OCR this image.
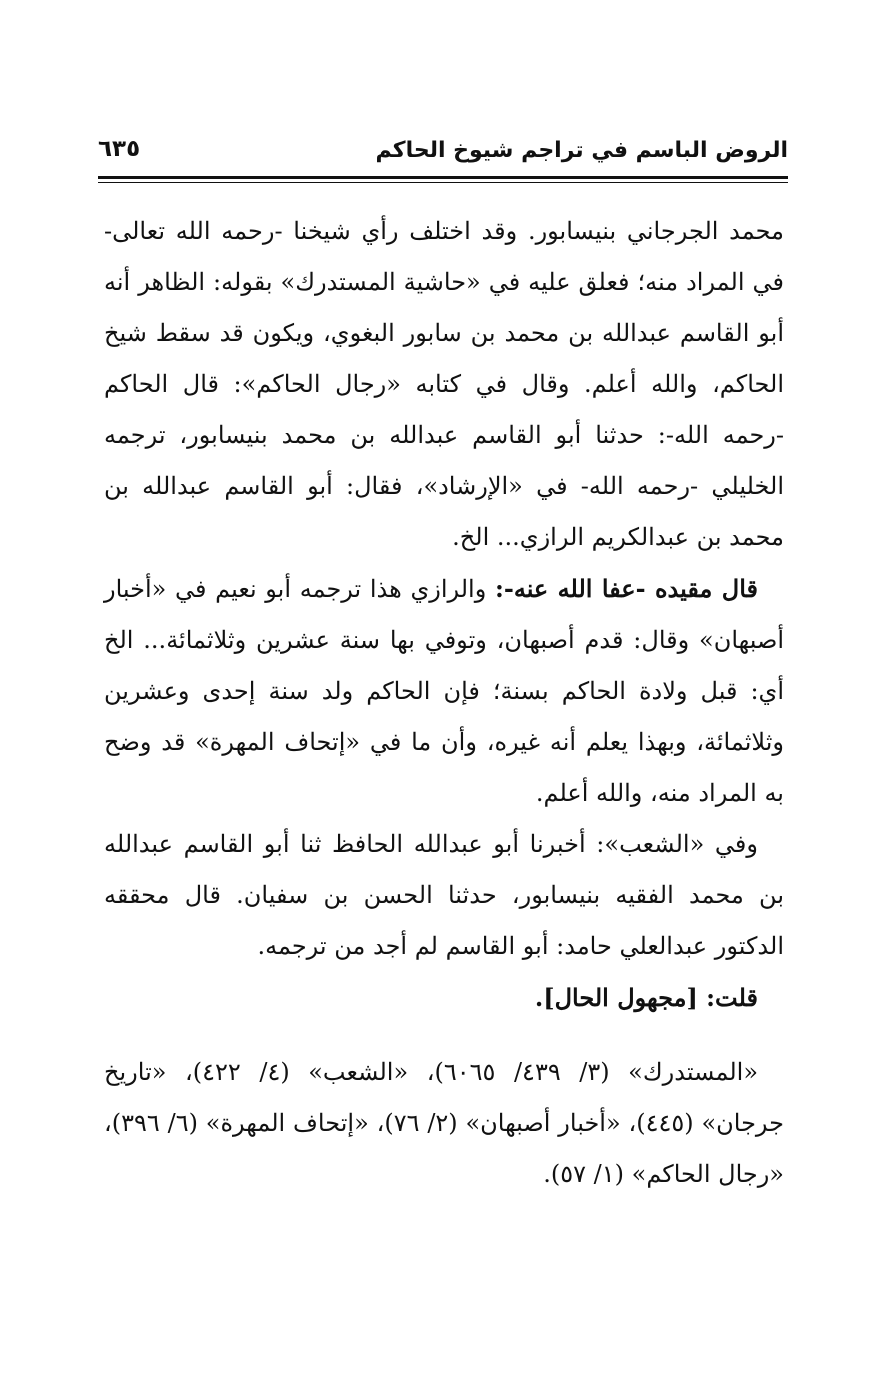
الروض الباسم في تراجم شيوخ الحاكم
٦٣٥

محمد الجرجاني بنيسابور. وقد اختلف رأي شيخنا -رحمه الله تعالى- في المراد منه؛ فعلق عليه في «حاشية المستدرك» بقوله: الظاهر أنه أبو القاسم عبدالله بن محمد بن سابور البغوي، ويكون قد سقط شيخ الحاكم، والله أعلم. وقال في كتابه «رجال الحاكم»: قال الحاكم -رحمه الله-: حدثنا أبو القاسم عبدالله بن محمد بنيسابور، ترجمه الخليلي -رحمه الله- في «الإرشاد»، فقال: أبو القاسم عبدالله بن محمد بن عبدالكريم الرازي... الخ.

قال مقيده -عفا الله عنه-: والرازي هذا ترجمه أبو نعيم في «أخبار أصبهان» وقال: قدم أصبهان، وتوفي بها سنة عشرين وثلاثمائة... الخ أي: قبل ولادة الحاكم بسنة؛ فإن الحاكم ولد سنة إحدى وعشرين وثلاثمائة، وبهذا يعلم أنه غيره، وأن ما في «إتحاف المهرة» قد وضح به المراد منه، والله أعلم.

وفي «الشعب»: أخبرنا أبو عبدالله الحافظ ثنا أبو القاسم عبدالله بن محمد الفقيه بنيسابور، حدثنا الحسن بن سفيان. قال محققه الدكتور عبدالعلي حامد: أبو القاسم لم أجد من ترجمه.

قلت: [مجهول الحال].

«المستدرك» (٣/ ٤٣٩/ ٦٠٦٥)، «الشعب» (٤/ ٤٢٢)، «تاريخ جرجان» (٤٤٥)، «أخبار أصبهان» (٢/ ٧٦)، «إتحاف المهرة» (٦/ ٣٩٦)، «رجال الحاكم» (١/ ٥٧).
